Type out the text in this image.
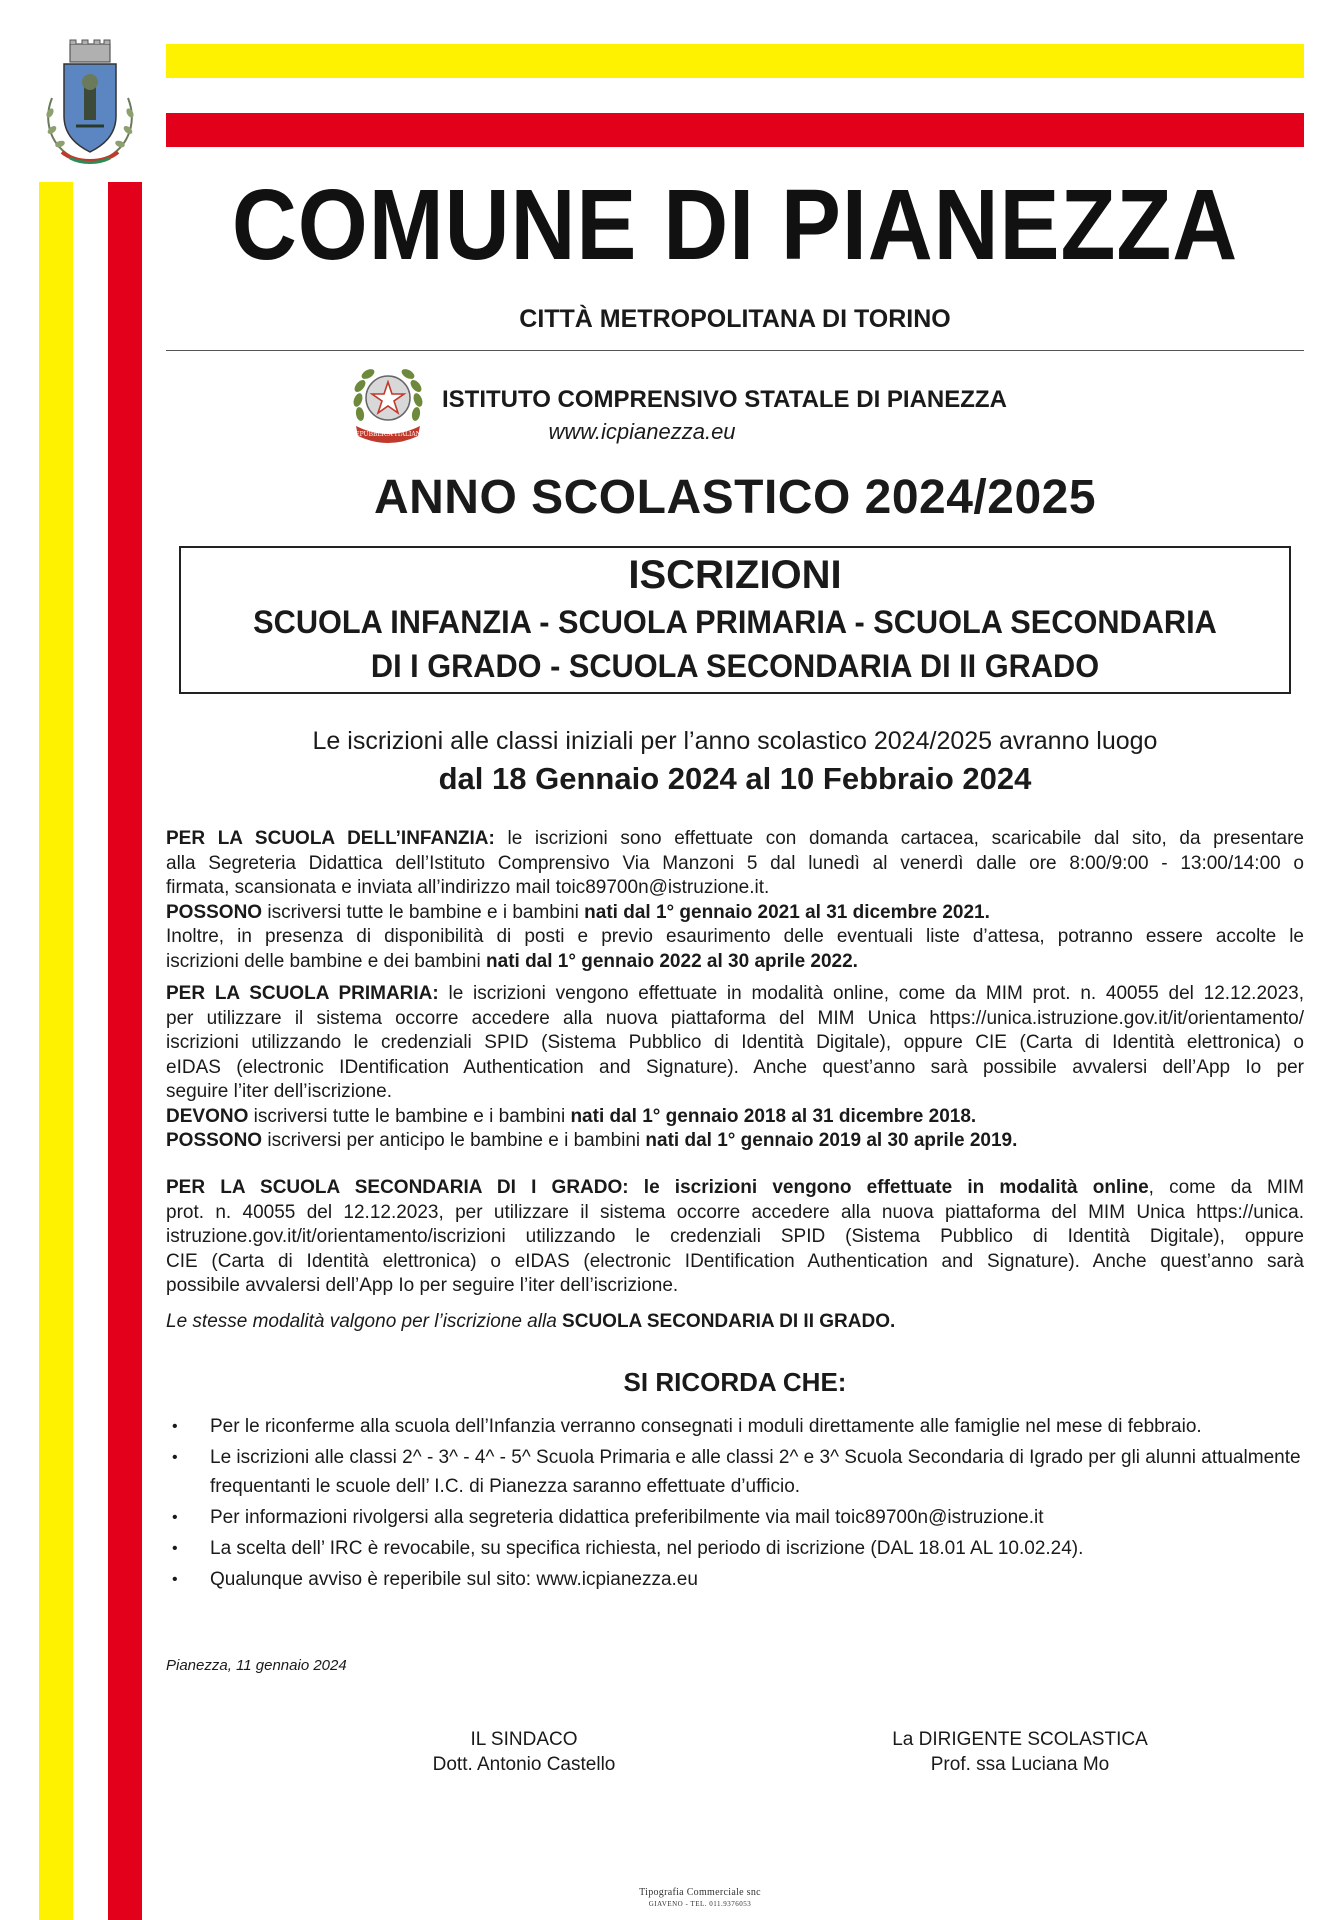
COMUNE DI PIANEZZA
CITTÀ METROPOLITANA DI TORINO
REPUBBLICA ITALIANA
ISTITUTO COMPRENSIVO STATALE DI PIANEZZA
www.icpianezza.eu
ANNO SCOLASTICO 2024/2025
ISCRIZIONI
SCUOLA INFANZIA - SCUOLA PRIMARIA - SCUOLA SECONDARIA
DI I GRADO - SCUOLA SECONDARIA DI II GRADO
Le iscrizioni alle classi iniziali per l’anno scolastico 2024/2025 avranno luogo
dal 18 Gennaio 2024 al 10 Febbraio 2024
PER LA SCUOLA DELL’INFANZIA: le iscrizioni sono effettuate con domanda cartacea, scaricabile dal sito, da presentare
alla Segreteria Didattica dell’Istituto Comprensivo Via Manzoni 5 dal lunedì al venerdì dalle ore 8:00/9:00 - 13:00/14:00 o
firmata, scansionata e inviata all’indirizzo mail toic89700n@istruzione.it.
POSSONO iscriversi tutte le bambine e i bambini nati dal 1° gennaio 2021 al 31 dicembre 2021.
Inoltre, in presenza di disponibilità di posti e previo esaurimento delle eventuali liste d’attesa, potranno essere accolte le
iscrizioni delle bambine e dei bambini nati dal 1° gennaio 2022 al 30 aprile 2022.
PER LA SCUOLA PRIMARIA: le iscrizioni vengono effettuate in modalità online, come da MIM prot. n. 40055 del 12.12.2023,
per utilizzare il sistema occorre accedere alla nuova piattaforma del MIM Unica https://unica.istruzione.gov.it/it/orientamento/
iscrizioni utilizzando le credenziali SPID (Sistema Pubblico di Identità Digitale), oppure CIE (Carta di Identità elettronica) o
eIDAS (electronic IDentification Authentication and Signature). Anche quest’anno sarà possibile avvalersi dell’App Io per
seguire l’iter dell’iscrizione.
DEVONO iscriversi tutte le bambine e i bambini nati dal 1° gennaio 2018 al 31 dicembre 2018.
POSSONO iscriversi per anticipo le bambine e i bambini nati dal 1° gennaio 2019 al 30 aprile 2019.
PER LA SCUOLA SECONDARIA DI I GRADO: le iscrizioni vengono effettuate in modalità online, come da MIM
prot. n. 40055 del 12.12.2023, per utilizzare il sistema occorre accedere alla nuova piattaforma del MIM Unica https://unica.
istruzione.gov.it/it/orientamento/iscrizioni utilizzando le credenziali SPID (Sistema Pubblico di Identità Digitale), oppure
CIE (Carta di Identità elettronica) o eIDAS (electronic IDentification Authentication and Signature). Anche quest’anno sarà
possibile avvalersi dell’App Io per seguire l’iter dell’iscrizione.
Le stesse modalità valgono per l’iscrizione alla SCUOLA SECONDARIA DI II GRADO.
SI RICORDA CHE:
• Per le riconferme alla scuola dell’Infanzia verranno consegnati i moduli direttamente alle famiglie nel mese di febbraio.
• Le iscrizioni alle classi 2^ - 3^ - 4^ - 5^ Scuola Primaria e alle classi 2^ e 3^ Scuola Secondaria di Igrado per gli alunni attualmente frequentanti le scuole dell’ I.C. di Pianezza saranno effettuate d’ufficio.
• Per informazioni rivolgersi alla segreteria didattica preferibilmente via mail toic89700n@istruzione.it
• La scelta dell’ IRC è revocabile, su specifica richiesta, nel periodo di iscrizione (DAL 18.01 AL 10.02.24).
• Qualunque avviso è reperibile sul sito: www.icpianezza.eu
Pianezza, 11 gennaio 2024
IL SINDACO
Dott. Antonio Castello
La DIRIGENTE SCOLASTICA
Prof. ssa Luciana Mo
Tipografia Commerciale snc
GIAVENO - TEL. 011.9376053
